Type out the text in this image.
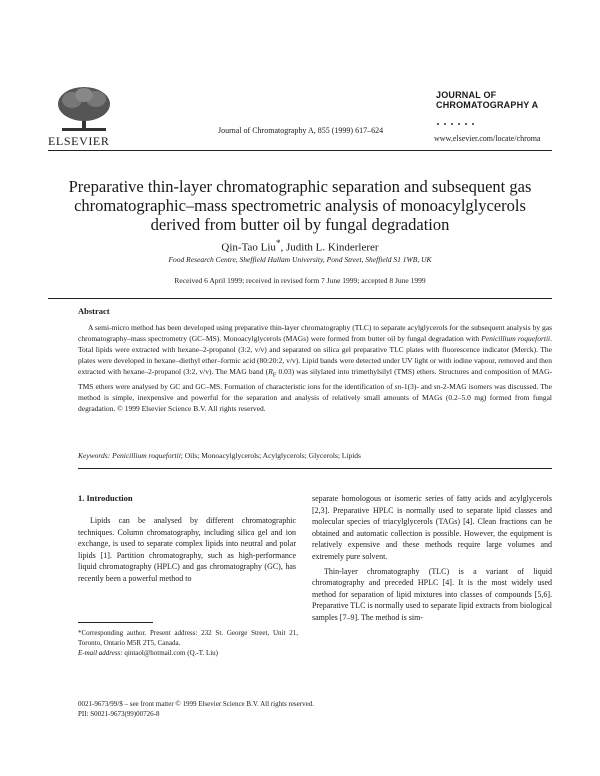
ELSEVIER
Journal of Chromatography A, 855 (1999) 617–624
JOURNAL OF
CHROMATOGRAPHY A
www.elsevier.com/locate/chroma
Preparative thin-layer chromatographic separation and subsequent gas chromatographic–mass spectrometric analysis of monoacylglycerols derived from butter oil by fungal degradation
Qin-Tao Liu*, Judith L. Kinderlerer
Food Research Centre, Sheffield Hallam University, Pond Street, Sheffield S1 1WB, UK
Received 6 April 1999; received in revised form 7 June 1999; accepted 8 June 1999
Abstract
A semi-micro method has been developed using preparative thin-layer chromatography (TLC) to separate acylglycerols for the subsequent analysis by gas chromatography–mass spectrometry (GC–MS). Monoacylglycerols (MAGs) were formed from butter oil by fungal degradation with Penicillium roquefortii. Total lipids were extracted with hexane–2-propanol (3:2, v/v) and separated on silica gel preparative TLC plates with fluorescence indicator (Merck). The plates were developed in hexane–diethyl ether–formic acid (80:20:2, v/v). Lipid bands were detected under UV light or with iodine vapour, removed and then extracted with hexane–2-propanol (3:2, v/v). The MAG band ($R_F$ 0.03) was silylated into trimethylsilyl (TMS) ethers. Structures and composition of MAG-TMS ethers were analysed by GC and GC–MS. Formation of characteristic ions for the identification of sn-1(3)- and sn-2-MAG isomers was discussed. The method is simple, inexpensive and powerful for the separation and analysis of relatively small amounts of MAGs (0.2–5.0 mg) formed from fungal degradation. © 1999 Elsevier Science B.V. All rights reserved.
Keywords: Penicillium roquefortii; Oils; Monoacylglycerols; Acylglycerols; Glycerols; Lipids
1. Introduction
Lipids can be analysed by different chromatographic techniques. Column chromatography, including silica gel and ion exchange, is used to separate complex lipids into neutral and polar lipids [1]. Partition chromatography, such as high-performance liquid chromatography (HPLC) and gas chromatography (GC), has recently been a powerful method to

separate homologous or isomeric series of fatty acids and acylglycerols [2,3]. Preparative HPLC is normally used to separate lipid classes and molecular species of triacylglycerols (TAGs) [4]. Clean fractions can be obtained and automatic collection is possible. However, the equipment is relatively expensive and these methods require large volumes and extremely pure solvent.

Thin-layer chromatography (TLC) is a variant of liquid chromatography and preceded HPLC [4]. It is the most widely used method for separation of lipid mixtures into classes of compounds [5,6]. Preparative TLC is normally used to separate lipid extracts from biological samples [7–9]. The method is sim-

*Corresponding author. Present address: 232 St. George Street, Unit 21, Toronto, Ontario M5R 2T5, Canada.
E-mail address: qintaol@hotmail.com (Q.-T. Liu)
0021-9673/99/$ – see front matter © 1999 Elsevier Science B.V. All rights reserved.
PII: S0021-9673(99)00726-8
